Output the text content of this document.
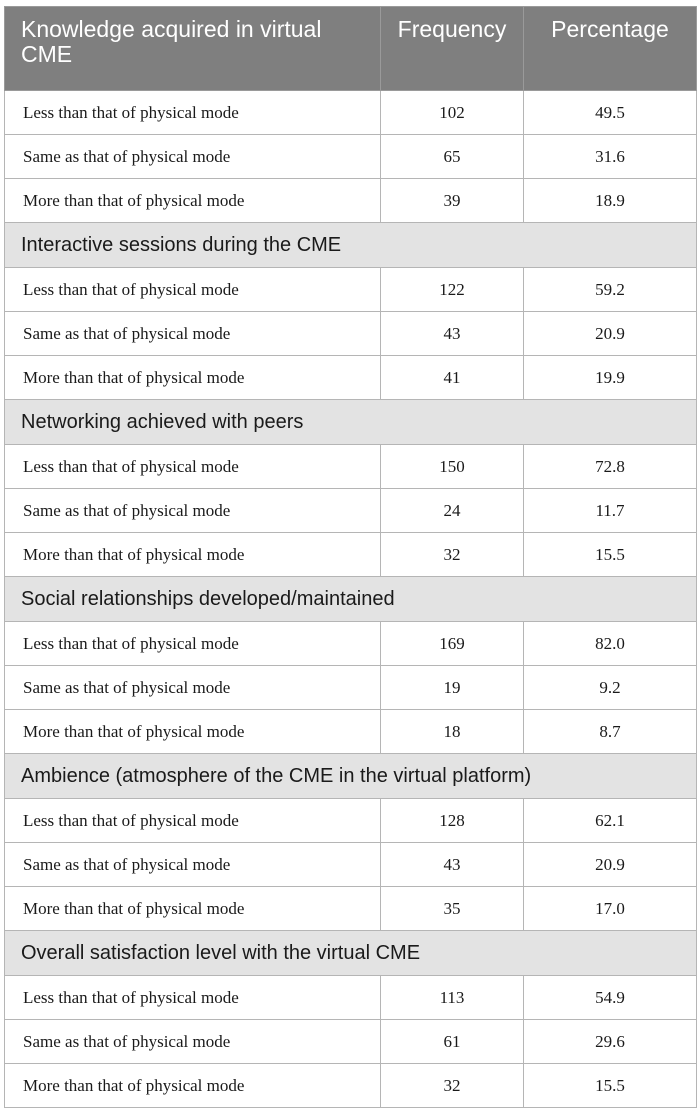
Knowledge acquired in virtual CME	Frequency	Percentage
Less than that of physical mode	102	49.5
Same as that of physical mode	65	31.6
More than that of physical mode	39	18.9
Interactive sessions during the CME		
Less than that of physical mode	122	59.2
Same as that of physical mode	43	20.9
More than that of physical mode	41	19.9
Networking achieved with peers		
Less than that of physical mode	150	72.8
Same as that of physical mode	24	11.7
More than that of physical mode	32	15.5
Social relationships developed/maintained		
Less than that of physical mode	169	82.0
Same as that of physical mode	19	9.2
More than that of physical mode	18	8.7
Ambience (atmosphere of the CME in the virtual platform)		
Less than that of physical mode	128	62.1
Same as that of physical mode	43	20.9
More than that of physical mode	35	17.0
Overall satisfaction level with the virtual CME		
Less than that of physical mode	113	54.9
Same as that of physical mode	61	29.6
More than that of physical mode	32	15.5
